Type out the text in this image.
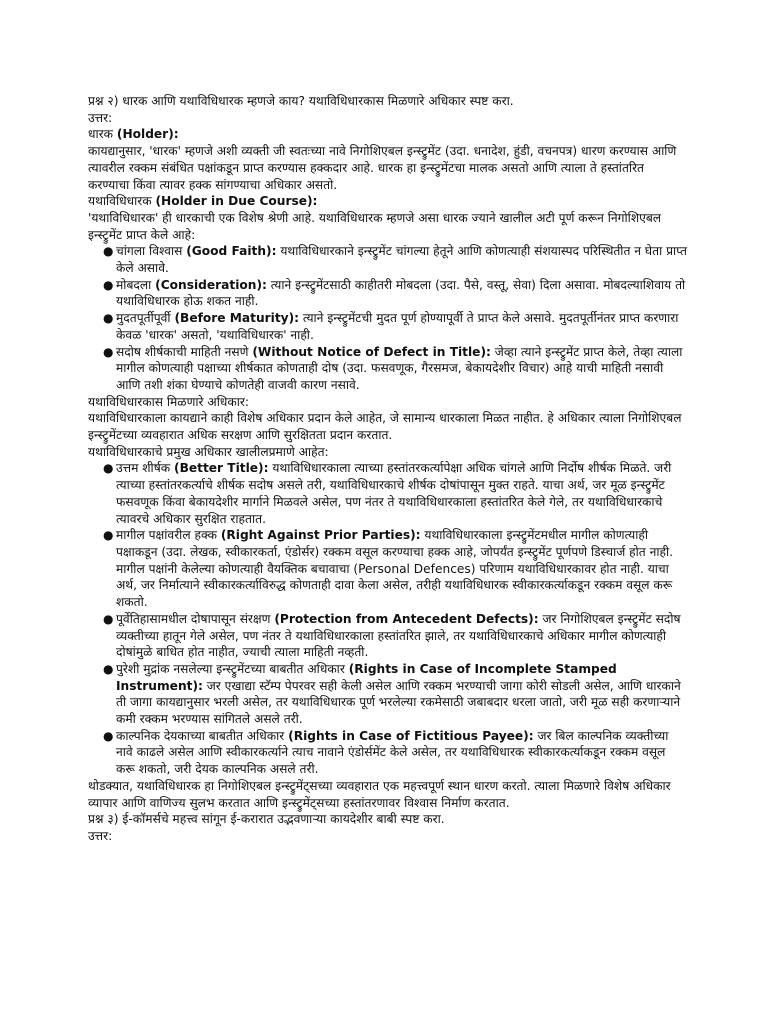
प्रश्न २) धारक आणि यथाविधिधारक म्हणजे काय? यथाविधिधारकास मिळणारे अधिकार स्पष्ट करा.

उत्तर:

धारक (Holder):

कायद्यानुसार, 'धारक' म्हणजे अशी व्यक्ती जी स्वतःच्या नावे निगोशिएबल इन्स्ट्रुमेंट (उदा. धनादेश, हुंडी, वचनपत्र) धारण करण्यास आणि त्यावरील रक्कम संबंधित पक्षांकडून प्राप्त करण्यास हक्कदार आहे. धारक हा इन्स्ट्रुमेंटचा मालक असतो आणि त्याला ते हस्तांतरित करण्याचा किंवा त्यावर हक्क सांगण्याचा अधिकार असतो.

यथाविधिधारक (Holder in Due Course):

'यथाविधिधारक' ही धारकाची एक विशेष श्रेणी आहे. यथाविधिधारक म्हणजे असा धारक ज्याने खालील अटी पूर्ण करून निगोशिएबल इन्स्ट्रुमेंट प्राप्त केले आहे:

● चांगला विश्वास (Good Faith): यथाविधिधारकाने इन्स्ट्रुमेंट चांगल्या हेतूने आणि कोणत्याही संशयास्पद परिस्थितीत न घेता प्राप्त केले असावे.
● मोबदला (Consideration): त्याने इन्स्ट्रुमेंटसाठी काहीतरी मोबदला (उदा. पैसे, वस्तू, सेवा) दिला असावा. मोबदल्याशिवाय तो यथाविधिधारक होऊ शकत नाही.
● मुदतपूर्तीपूर्वी (Before Maturity): त्याने इन्स्ट्रुमेंटची मुदत पूर्ण होण्यापूर्वी ते प्राप्त केले असावे. मुदतपूर्तीनंतर प्राप्त करणारा केवळ 'धारक' असतो, 'यथाविधिधारक' नाही.
● सदोष शीर्षकाची माहिती नसणे (Without Notice of Defect in Title): जेव्हा त्याने इन्स्ट्रुमेंट प्राप्त केले, तेव्हा त्याला मागील कोणत्याही पक्षाच्या शीर्षकात कोणताही दोष (उदा. फसवणूक, गैरसमज, बेकायदेशीर विचार) आहे याची माहिती नसावी आणि तशी शंका घेण्याचे कोणतेही वाजवी कारण नसावे.

यथाविधिधारकास मिळणारे अधिकार:

यथाविधिधारकाला कायद्याने काही विशेष अधिकार प्रदान केले आहेत, जे सामान्य धारकाला मिळत नाहीत. हे अधिकार त्याला निगोशिएबल इन्स्ट्रुमेंटच्या व्यवहारात अधिक सरक्षण आणि सुरक्षितता प्रदान करतात.

यथाविधिधारकाचे प्रमुख अधिकार खालीलप्रमाणे आहेत:

● उत्तम शीर्षक (Better Title): यथाविधिधारकाला त्याच्या हस्तांतरकर्त्यापेक्षा अधिक चांगले आणि निर्दोष शीर्षक मिळते. जरी त्याच्या हस्तांतरकर्त्याचे शीर्षक सदोष असले तरी, यथाविधिधारकाचे शीर्षक दोषांपासून मुक्त राहते. याचा अर्थ, जर मूळ इन्स्ट्रुमेंट फसवणूक किंवा बेकायदेशीर मार्गाने मिळवले असेल, पण नंतर ते यथाविधिधारकाला हस्तांतरित केले गेले, तर यथाविधिधारकाचे त्यावरचे अधिकार सुरक्षित राहतात.
● मागील पक्षांवरील हक्क (Right Against Prior Parties): यथाविधिधारकाला इन्स्ट्रुमेंटमधील मागील कोणत्याही पक्षाकडून (उदा. लेखक, स्वीकारकर्ता, एंडोर्सर) रक्कम वसूल करण्याचा हक्क आहे, जोपर्यंत इन्स्ट्रुमेंट पूर्णपणे डिस्चार्ज होत नाही. मागील पक्षांनी केलेल्या कोणत्याही वैयक्तिक बचावाचा (Personal Defences) परिणाम यथाविधिधारकावर होत नाही. याचा अर्थ, जर निर्मात्याने स्वीकारकर्त्याविरुद्ध कोणताही दावा केला असेल, तरीही यथाविधिधारक स्वीकारकर्त्याकडून रक्कम वसूल करू शकतो.
● पूर्वेतिहासामधील दोषापासून संरक्षण (Protection from Antecedent Defects): जर निगोशिएबल इन्स्ट्रुमेंट सदोष व्यक्तीच्या हातून गेले असेल, पण नंतर ते यथाविधिधारकाला हस्तांतरित झाले, तर यथाविधिधारकाचे अधिकार मागील कोणत्याही दोषांमुळे बाधित होत नाहीत, ज्याची त्याला माहिती नव्हती.
● पुरेशी मुद्रांक नसलेल्या इन्स्ट्रुमेंटच्या बाबतीत अधिकार (Rights in Case of Incomplete Stamped Instrument): जर एखाद्या स्टॅम्प पेपरवर सही केली असेल आणि रक्कम भरण्याची जागा कोरी सोडली असेल, आणि धारकाने ती जागा कायद्यानुसार भरली असेल, तर यथाविधिधारक पूर्ण भरलेल्या रकमेसाठी जबाबदार धरला जातो, जरी मूळ सही करणाऱ्याने कमी रक्कम भरण्यास सांगितले असले तरी.
● काल्पनिक देयकाच्या बाबतीत अधिकार (Rights in Case of Fictitious Payee): जर बिल काल्पनिक व्यक्तीच्या नावे काढले असेल आणि स्वीकारकर्त्याने त्याच नावाने एंडोर्समेंट केले असेल, तर यथाविधिधारक स्वीकारकर्त्याकडून रक्कम वसूल करू शकतो, जरी देयक काल्पनिक असले तरी.

थोडक्यात, यथाविधिधारक हा निगोशिएबल इन्स्ट्रुमेंट्सच्या व्यवहारात एक महत्त्वपूर्ण स्थान धारण करतो. त्याला मिळणारे विशेष अधिकार व्यापार आणि वाणिज्य सुलभ करतात आणि इन्स्ट्रुमेंट्सच्या हस्तांतरणावर विश्वास निर्माण करतात.

प्रश्न ३) ई-कॉमर्सचे महत्त्व सांगून ई-करारात उद्भवणाऱ्या कायदेशीर बाबी स्पष्ट करा.

उत्तर:
